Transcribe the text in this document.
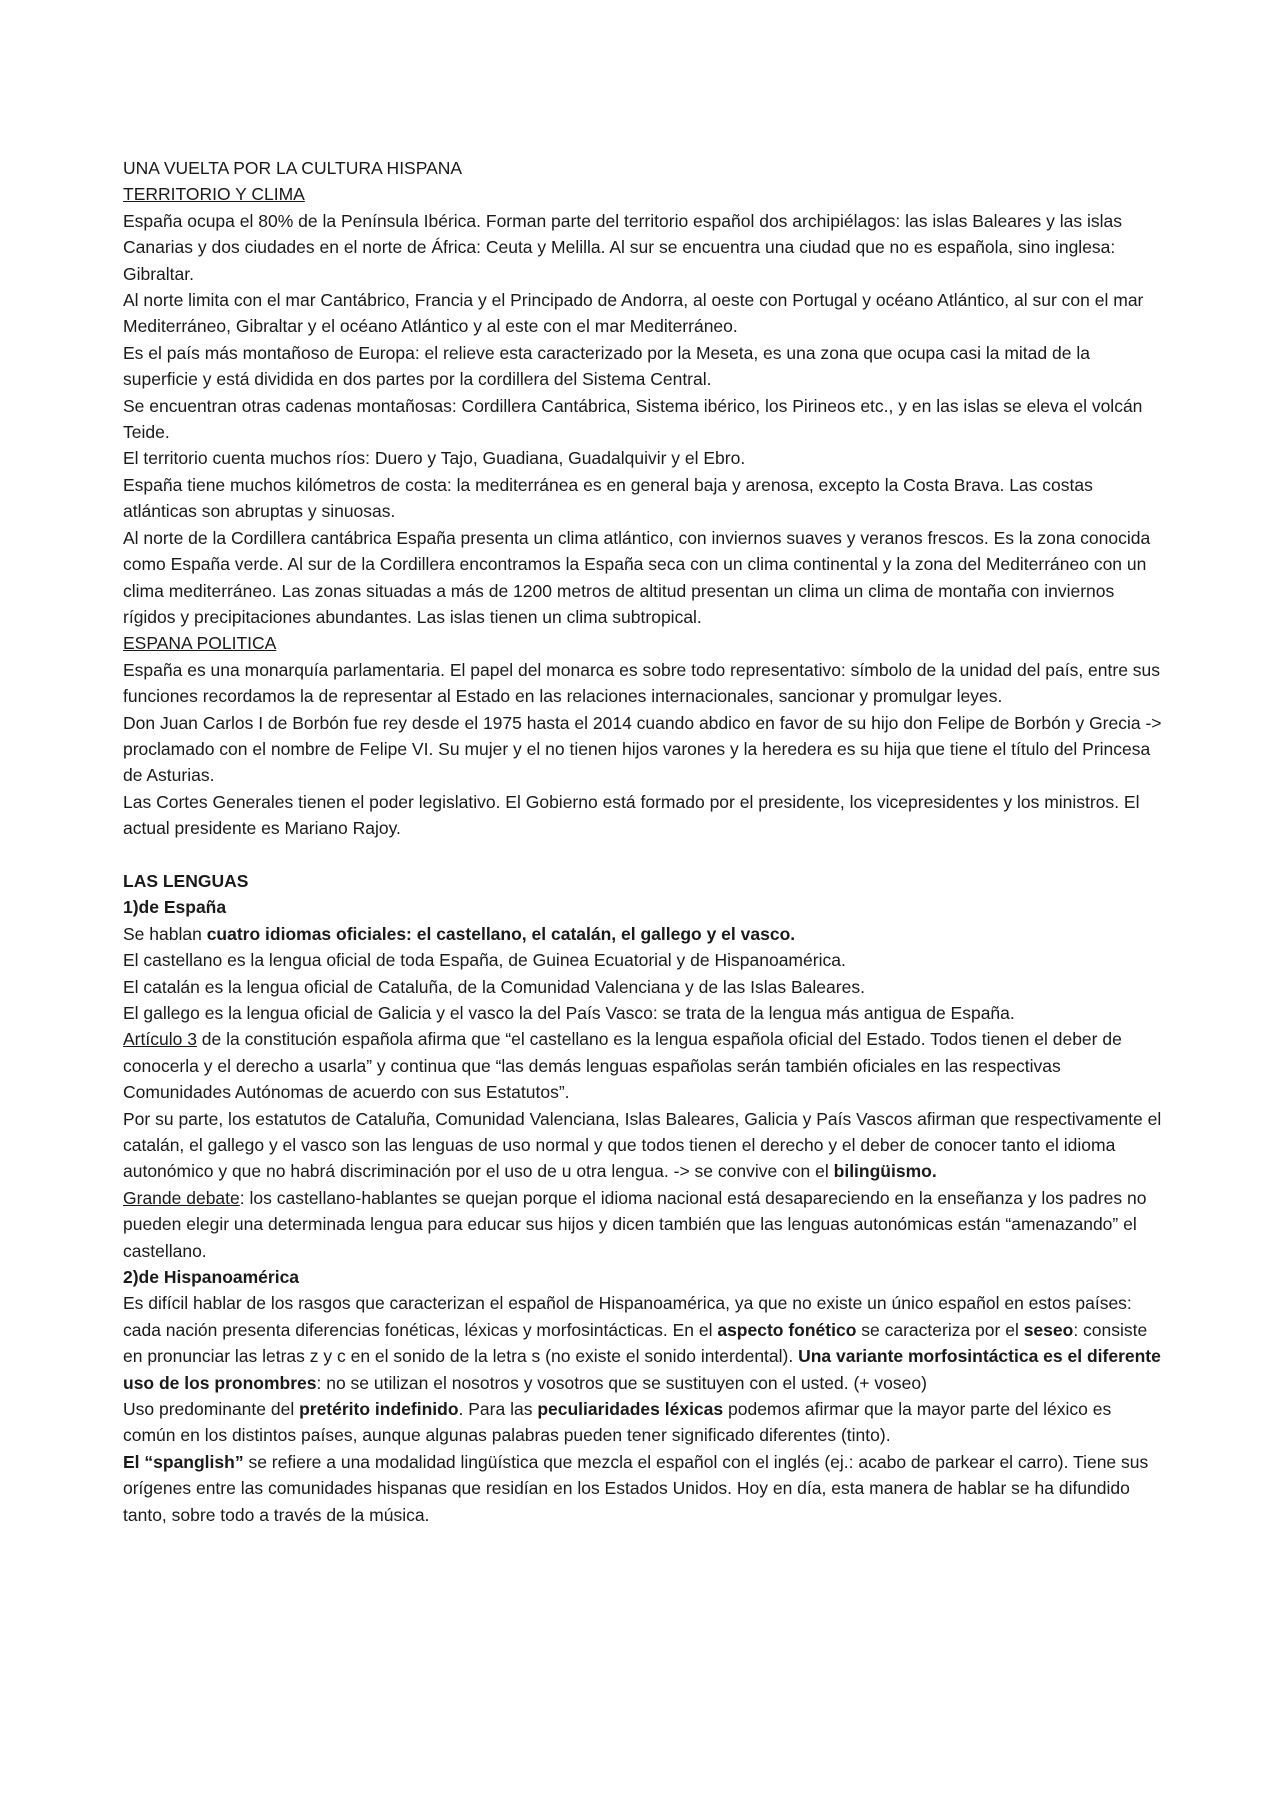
UNA VUELTA POR LA CULTURA HISPANA

TERRITORIO Y CLIMA

España ocupa el 80% de la Península Ibérica. Forman parte del territorio español dos archipiélagos: las islas Baleares y las islas Canarias y dos ciudades en el norte de África: Ceuta y Melilla. Al sur se encuentra una ciudad que no es española, sino inglesa: Gibraltar.

Al norte limita con el mar Cantábrico, Francia y el Principado de Andorra, al oeste con Portugal y océano Atlántico, al sur con el mar Mediterráneo, Gibraltar y el océano Atlántico y al este con el mar Mediterráneo.

Es el país más montañoso de Europa: el relieve esta caracterizado por la Meseta, es una zona que ocupa casi la mitad de la superficie y está dividida en dos partes por la cordillera del Sistema Central.

Se encuentran otras cadenas montañosas: Cordillera Cantábrica, Sistema ibérico, los Pirineos etc., y en las islas se eleva el volcán Teide.

El territorio cuenta muchos ríos: Duero y Tajo, Guadiana, Guadalquivir y el Ebro.

España tiene muchos kilómetros de costa: la mediterránea es en general baja y arenosa, excepto la Costa Brava. Las costas atlánticas son abruptas y sinuosas.

Al norte de la Cordillera cantábrica España presenta un clima atlántico, con inviernos suaves y veranos frescos. Es la zona conocida como España verde. Al sur de la Cordillera encontramos la España seca con un clima continental y la zona del Mediterráneo con un clima mediterráneo. Las zonas situadas a más de 1200 metros de altitud presentan un clima un clima de montaña con inviernos rígidos y precipitaciones abundantes. Las islas tienen un clima subtropical.

ESPANA POLITICA

España es una monarquía parlamentaria. El papel del monarca es sobre todo representativo: símbolo de la unidad del país, entre sus funciones recordamos la de representar al Estado en las relaciones internacionales, sancionar y promulgar leyes.

Don Juan Carlos I de Borbón fue rey desde el 1975 hasta el 2014 cuando abdico en favor de su hijo don Felipe de Borbón y Grecia -> proclamado con el nombre de Felipe VI. Su mujer y el no tienen hijos varones y la heredera es su hija que tiene el título del Princesa de Asturias.

Las Cortes Generales tienen el poder legislativo. El Gobierno está formado por el presidente, los vicepresidentes y los ministros. El actual presidente es Mariano Rajoy.

LAS LENGUAS

1)de España

Se hablan cuatro idiomas oficiales: el castellano, el catalán, el gallego y el vasco.

El castellano es la lengua oficial de toda España, de Guinea Ecuatorial y de Hispanoamérica.

El catalán es la lengua oficial de Cataluña, de la Comunidad Valenciana y de las Islas Baleares.

El gallego es la lengua oficial de Galicia y el vasco la del País Vasco: se trata de la lengua más antigua de España.

Artículo 3 de la constitución española afirma que “el castellano es la lengua española oficial del Estado. Todos tienen el deber de conocerla y el derecho a usarla” y continua que “las demás lenguas españolas serán también oficiales en las respectivas Comunidades Autónomas de acuerdo con sus Estatutos”.

Por su parte, los estatutos de Cataluña, Comunidad Valenciana, Islas Baleares, Galicia y País Vascos afirman que respectivamente el catalán, el gallego y el vasco son las lenguas de uso normal y que todos tienen el derecho y el deber de conocer tanto el idioma autonómico y que no habrá discriminación por el uso de u otra lengua. -> se convive con el bilingüismo.

Grande debate: los castellano-hablantes se quejan porque el idioma nacional está desapareciendo en la enseñanza y los padres no pueden elegir una determinada lengua para educar sus hijos y dicen también que las lenguas autonómicas están “amenazando” el castellano.

2)de Hispanoamérica

Es difícil hablar de los rasgos que caracterizan el español de Hispanoamérica, ya que no existe un único español en estos países: cada nación presenta diferencias fonéticas, léxicas y morfosintácticas. En el aspecto fonético se caracteriza por el seseo: consiste en pronunciar las letras z y c en el sonido de la letra s (no existe el sonido interdental). Una variante morfosintáctica es el diferente uso de los pronombres: no se utilizan el nosotros y vosotros que se sustituyen con el usted. (+ voseo)

Uso predominante del pretérito indefinido. Para las peculiaridades léxicas podemos afirmar que la mayor parte del léxico es común en los distintos países, aunque algunas palabras pueden tener significado diferentes (tinto).

El “spanglish” se refiere a una modalidad lingüística que mezcla el español con el inglés (ej.: acabo de parkear el carro). Tiene sus orígenes entre las comunidades hispanas que residían en los Estados Unidos. Hoy en día, esta manera de hablar se ha difundido tanto, sobre todo a través de la música.
